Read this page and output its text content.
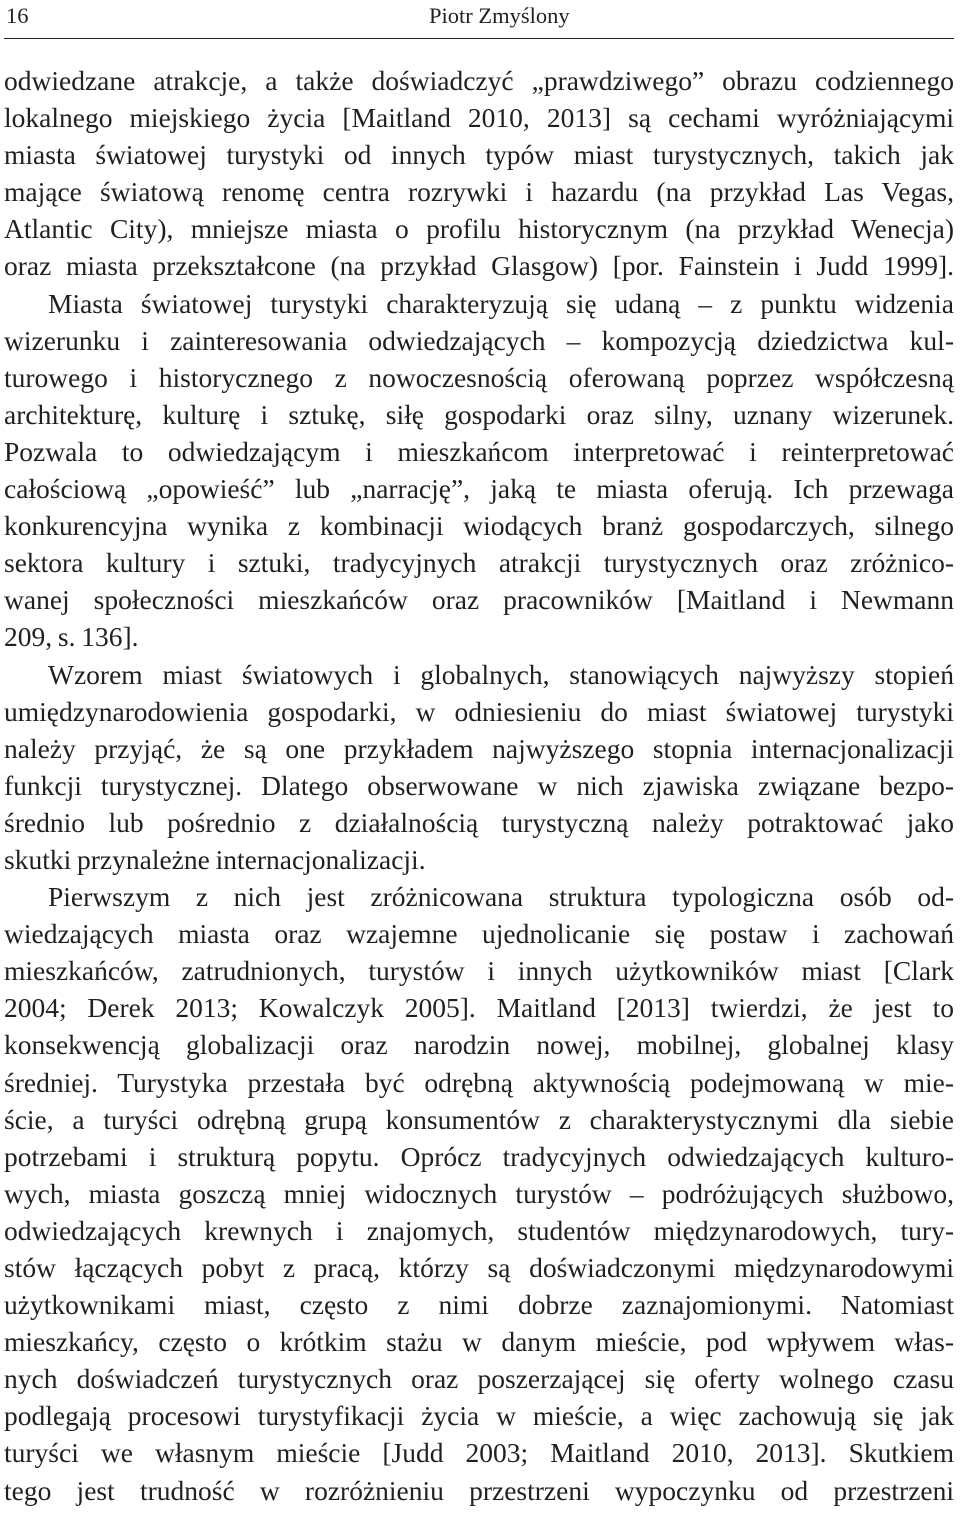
16	Piotr Zmyślony
odwiedzane atrakcje, a także doświadczyć „prawdziwego” obrazu codziennego
lokalnego miejskiego życia [Maitland 2010, 2013] są cechami wyróżniającymi
miasta światowej turystyki od innych typów miast turystycznych, takich jak
mające światową renomę centra rozrywki i hazardu (na przykład Las Vegas,
Atlantic City), mniejsze miasta o profilu historycznym (na przykład Wenecja)
oraz miasta przekształcone (na przykład Glasgow) [por. Fainstein i Judd 1999].
Miasta światowej turystyki charakteryzują się udaną – z punktu widzenia
wizerunku i zainteresowania odwiedzających – kompozycją dziedzictwa kul-
turowego i historycznego z nowoczesnością oferowaną poprzez współczesną
architekturę, kulturę i sztukę, siłę gospodarki oraz silny, uznany wizerunek.
Pozwala to odwiedzającym i mieszkańcom interpretować i reinterpretować
całościową „opowieść” lub „narrację”, jaką te miasta oferują. Ich przewaga
konkurencyjna wynika z kombinacji wiodących branż gospodarczych, silnego
sektora kultury i sztuki, tradycyjnych atrakcji turystycznych oraz zróżnico-
wanej społeczności mieszkańców oraz pracowników [Maitland i Newmann
209, s. 136].
Wzorem miast światowych i globalnych, stanowiących najwyższy stopień
umiędzynarodowienia gospodarki, w odniesieniu do miast światowej turystyki
należy przyjąć, że są one przykładem najwyższego stopnia internacjonalizacji
funkcji turystycznej. Dlatego obserwowane w nich zjawiska związane bezpo-
średnio lub pośrednio z działalnością turystyczną należy potraktować jako
skutki przynależne internacjonalizacji.
Pierwszym z nich jest zróżnicowana struktura typologiczna osób od-
wiedzających miasta oraz wzajemne ujednolicanie się postaw i zachowań
mieszkańców, zatrudnionych, turystów i innych użytkowników miast [Clark
2004; Derek 2013; Kowalczyk 2005]. Maitland [2013] twierdzi, że jest to
konsekwencją globalizacji oraz narodzin nowej, mobilnej, globalnej klasy
średniej. Turystyka przestała być odrębną aktywnością podejmowaną w mie-
ście, a turyści odrębną grupą konsumentów z charakterystycznymi dla siebie
potrzebami i strukturą popytu. Oprócz tradycyjnych odwiedzających kulturo-
wych, miasta goszczą mniej widocznych turystów – podróżujących służbowo,
odwiedzających krewnych i znajomych, studentów międzynarodowych, tury-
stów łączących pobyt z pracą, którzy są doświadczonymi międzynarodowymi
użytkownikami miast, często z nimi dobrze zaznajomionymi. Natomiast
mieszkańcy, często o krótkim stażu w danym mieście, pod wpływem włas-
nych doświadczeń turystycznych oraz poszerzającej się oferty wolnego czasu
podlegają procesowi turystyfikacji życia w mieście, a więc zachowują się jak
turyści we własnym mieście [Judd 2003; Maitland 2010, 2013]. Skutkiem
tego jest trudność w rozróżnieniu przestrzeni wypoczynku od przestrzeni
